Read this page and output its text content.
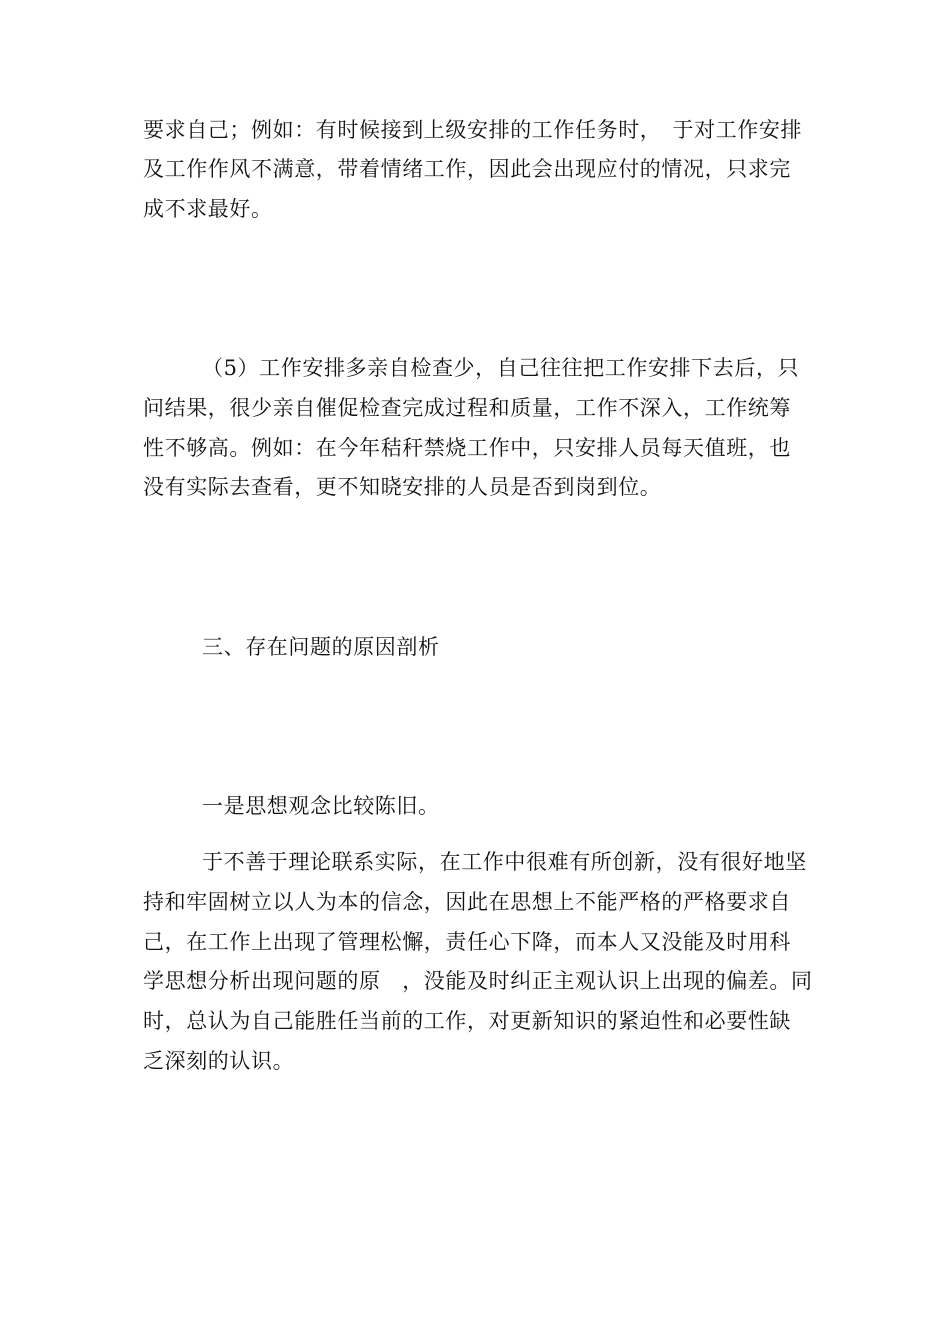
要求自己；例如：有时候接到上级安排的工作任务时，　于对工作安排
及工作作风不满意，带着情绪工作，因此会出现应付的情况，只求完
成不求最好。
（5）工作安排多亲自检查少，自己往往把工作安排下去后，只
问结果，很少亲自催促检查完成过程和质量，工作不深入，工作统筹
性不够高。例如：在今年秸秆禁烧工作中，只安排人员每天值班，也
没有实际去查看，更不知晓安排的人员是否到岗到位。
三、存在问题的原因剖析
一是思想观念比较陈旧。
于不善于理论联系实际，在工作中很难有所创新，没有很好地坚
持和牢固树立以人为本的信念，因此在思想上不能严格的严格要求自
己，在工作上出现了管理松懈，责任心下降，而本人又没能及时用科
学思想分析出现问题的原　，没能及时纠正主观认识上出现的偏差。同
时，总认为自己能胜任当前的工作，对更新知识的紧迫性和必要性缺
乏深刻的认识。
